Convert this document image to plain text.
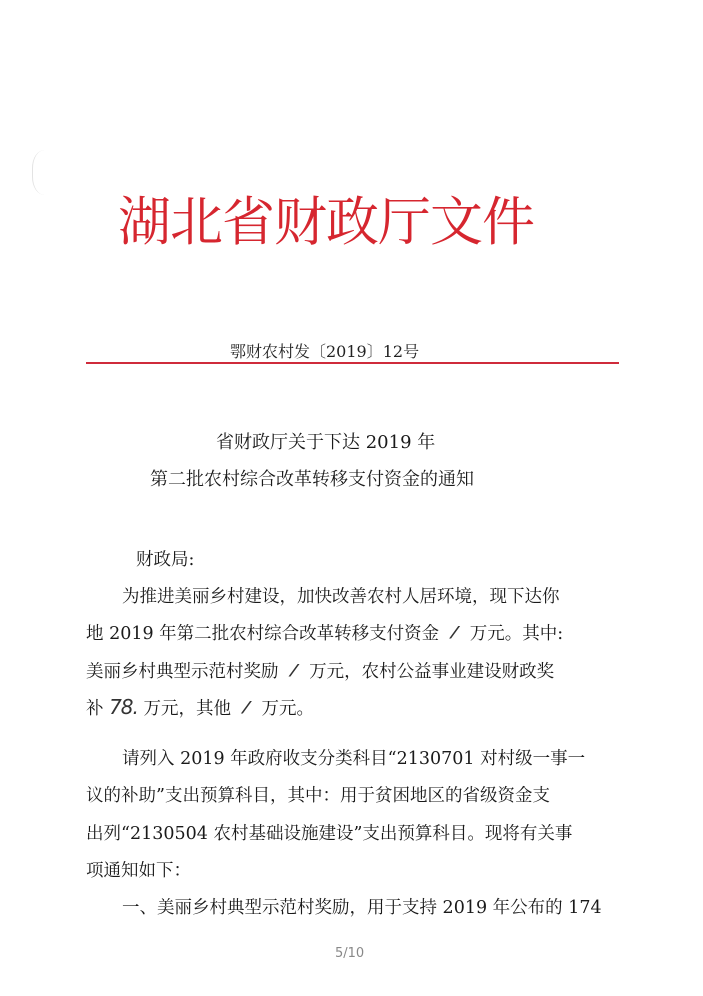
湖北省财政厅文件
鄂财农村发〔2019〕12号
省财政厅关于下达 2019 年
第二批农村综合改革转移支付资金的通知
财政局:
为推进美丽乡村建设，加快改善农村人居环境，现下达你
地 2019 年第二批农村综合改革转移支付资金 / 万元。其中:
美丽乡村典型示范村奖励 / 万元，农村公益事业建设财政奖
补 78. 万元，其他 / 万元。
请列入 2019 年政府收支分类科目“2130701 对村级一事一
议的补助”支出预算科目，其中：用于贫困地区的省级资金支
出列“2130504 农村基础设施建设”支出预算科目。现将有关事
项通知如下：
一、美丽乡村典型示范村奖励，用于支持 2019 年公布的 174
5/10
